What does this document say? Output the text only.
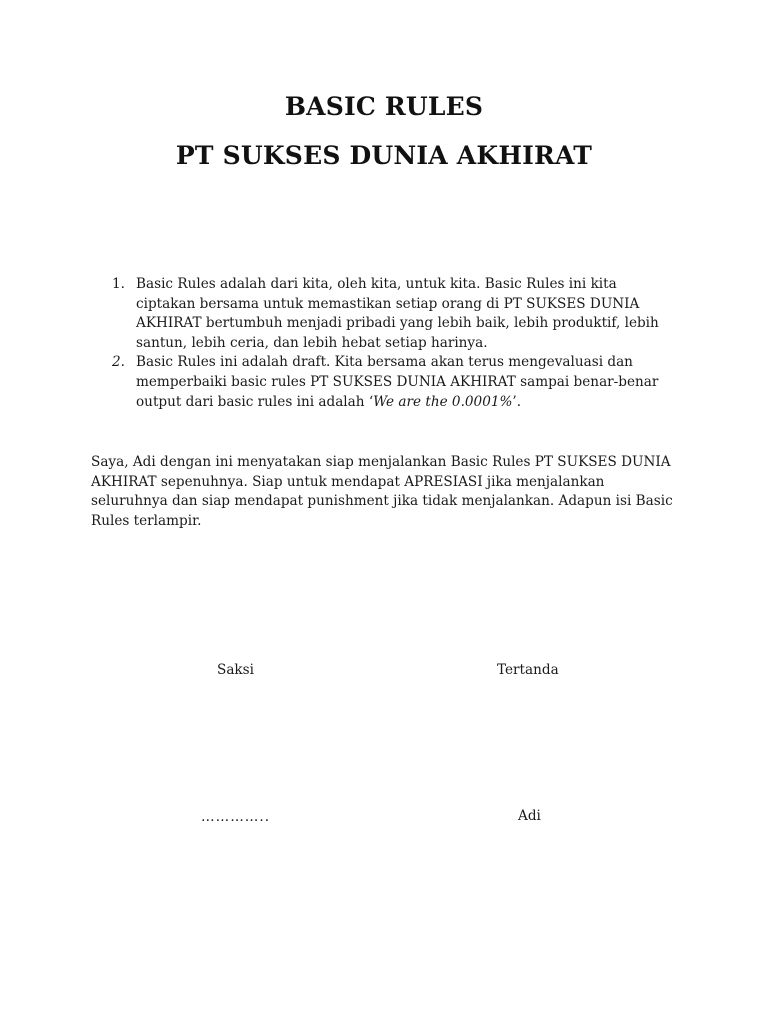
BASIC RULES
PT SUKSES DUNIA AKHIRAT
1. Basic Rules adalah dari kita, oleh kita, untuk kita. Basic Rules ini kita ciptakan bersama untuk memastikan setiap orang di PT SUKSES DUNIA AKHIRAT bertumbuh menjadi pribadi yang lebih baik, lebih produktif, lebih santun, lebih ceria, dan lebih hebat setiap harinya.
2. Basic Rules ini adalah draft. Kita bersama akan terus mengevaluasi dan memperbaiki basic rules PT SUKSES DUNIA AKHIRAT sampai benar-benar output dari basic rules ini adalah ‘We are the 0.0001%’.
Saya, Adi dengan ini menyatakan siap menjalankan Basic Rules PT SUKSES DUNIA AKHIRAT sepenuhnya. Siap untuk mendapat APRESIASI jika menjalankan seluruhnya dan siap mendapat punishment jika tidak menjalankan. Adapun isi Basic Rules terlampir.
Saksi	Tertanda
…………..	Adi
